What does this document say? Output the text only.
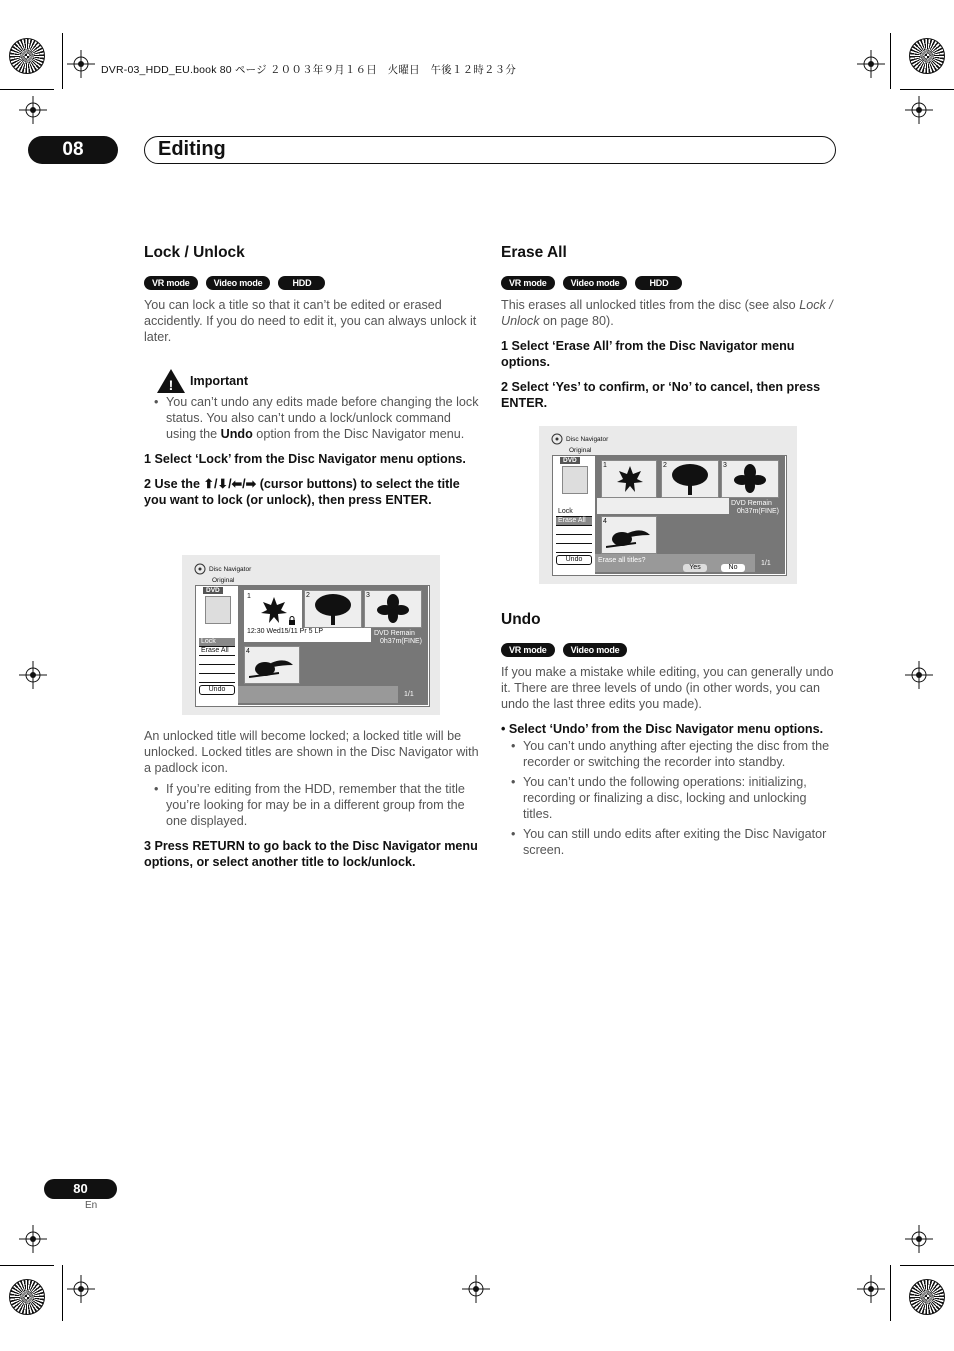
DVR-03_HDD_EU.book 80 ページ ２００３年９月１６日　火曜日　午後１２時２３分
08	Editing
Lock / Unlock
VR mode	Video mode	HDD
You can lock a title so that it can’t be edited or erased accidently. If you do need to edit it, you can always unlock it later.
! Important
• You can’t undo any edits made before changing the lock status. You also can’t undo a lock/unlock command using the Undo option from the Disc Navigator menu.
1 Select ‘Lock’ from the Disc Navigator menu options.
2 Use the ⬆/⬇/⬅/➡ (cursor buttons) to select the title you want to lock (or unlock), then press ENTER.
Disc Navigator
Original
DVD
Lock
Erase All
Undo
1	2	3
12:30 Wed15/11 Pr 5 LP	DVD Remain
0h37m(FINE)
4
1/1
An unlocked title will become locked; a locked title will be unlocked. Locked titles are shown in the Disc Navigator with a padlock icon.
• If you’re editing from the HDD, remember that the title you’re looking for may be in a different group from the one displayed.
3 Press RETURN to go back to the Disc Navigator menu options, or select another title to lock/unlock.
Erase All
VR mode	Video mode	HDD
This erases all unlocked titles from the disc (see also Lock / Unlock on page 80).
1 Select ‘Erase All’ from the Disc Navigator menu options.
2 Select ‘Yes’ to confirm, or ‘No’ to cancel, then press ENTER.
Disc Navigator
Original
DVD
Lock
Erase All
Undo
1	2	3
DVD Remain
0h37m(FINE)
4
Erase all titles?
Yes	No
1/1
Undo
VR mode	Video mode
If you make a mistake while editing, you can generally undo it. There are three levels of undo (in other words, you can undo the last three edits you made).
• Select ‘Undo’ from the Disc Navigator menu options.
• You can’t undo anything after ejecting the disc from the recorder or switching the recorder into standby.
• You can’t undo the following operations: initializing, recording or finalizing a disc, locking and unlocking titles.
• You can still undo edits after exiting the Disc Navigator screen.
80
En
